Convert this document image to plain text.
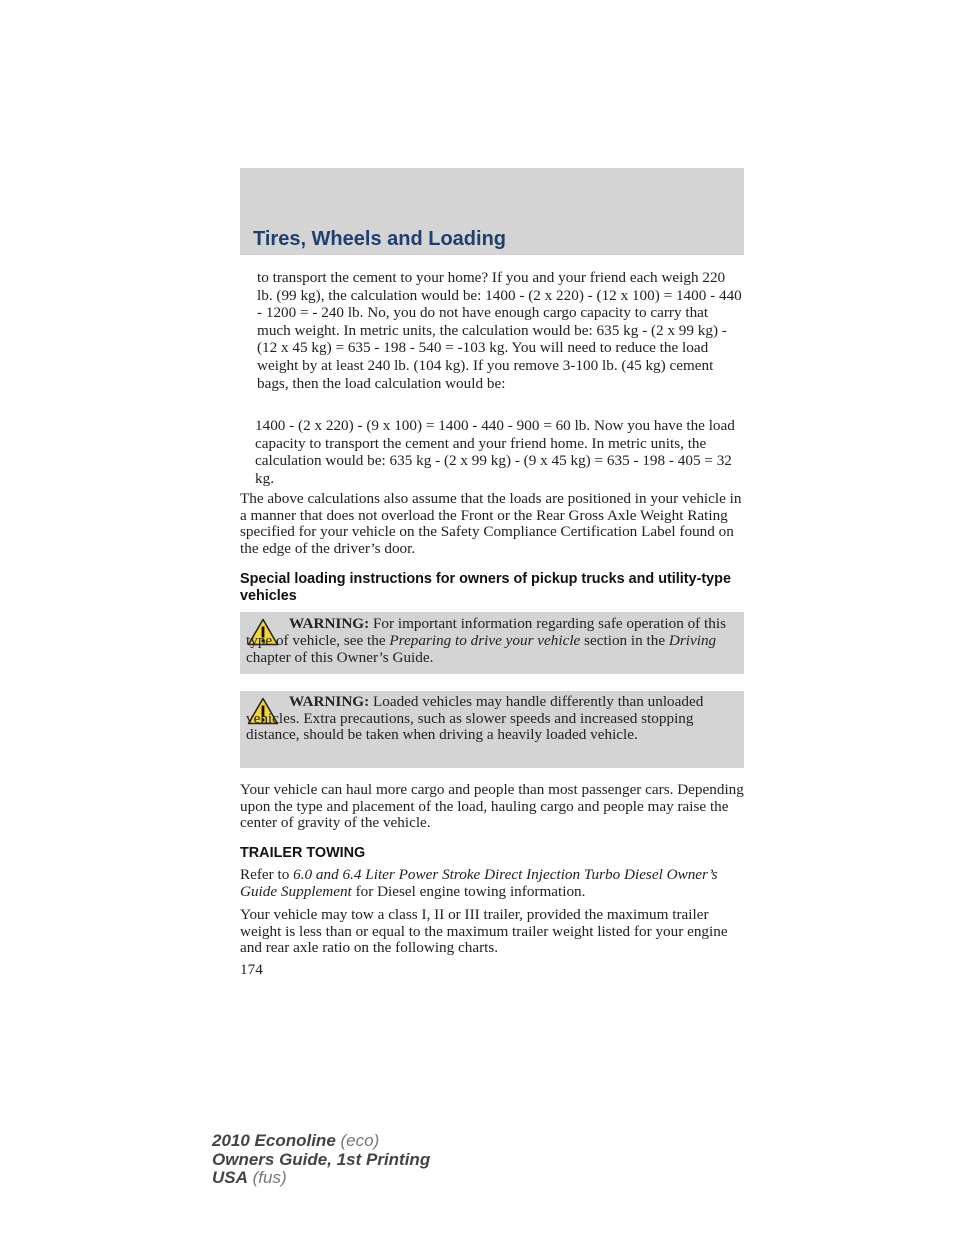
Tires, Wheels and Loading

to transport the cement to your home? If you and your friend each weigh 220 lb. (99 kg), the calculation would be: 1400 - (2 x 220) - (12 x 100) = 1400 - 440 - 1200 = - 240 lb. No, you do not have enough cargo capacity to carry that much weight. In metric units, the calculation would be: 635 kg - (2 x 99 kg) - (12 x 45 kg) = 635 - 198 - 540 = -103 kg. You will need to reduce the load weight by at least 240 lb. (104 kg). If you remove 3-100 lb. (45 kg) cement bags, then the load calculation would be:

1400 - (2 x 220) - (9 x 100) = 1400 - 440 - 900 = 60 lb. Now you have the load capacity to transport the cement and your friend home. In metric units, the calculation would be: 635 kg - (2 x 99 kg) - (9 x 45 kg) = 635 - 198 - 405 = 32 kg.

The above calculations also assume that the loads are positioned in your vehicle in a manner that does not overload the Front or the Rear Gross Axle Weight Rating specified for your vehicle on the Safety Compliance Certification Label found on the edge of the driver’s door.

Special loading instructions for owners of pickup trucks and utility-type vehicles

WARNING: For important information regarding safe operation of this type of vehicle, see the Preparing to drive your vehicle section in the Driving chapter of this Owner’s Guide.

WARNING: Loaded vehicles may handle differently than unloaded vehicles. Extra precautions, such as slower speeds and increased stopping distance, should be taken when driving a heavily loaded vehicle.

Your vehicle can haul more cargo and people than most passenger cars. Depending upon the type and placement of the load, hauling cargo and people may raise the center of gravity of the vehicle.

TRAILER TOWING

Refer to 6.0 and 6.4 Liter Power Stroke Direct Injection Turbo Diesel Owner’s Guide Supplement for Diesel engine towing information.

Your vehicle may tow a class I, II or III trailer, provided the maximum trailer weight is less than or equal to the maximum trailer weight listed for your engine and rear axle ratio on the following charts.

174

2010 Econoline (eco)
Owners Guide, 1st Printing
USA (fus)
